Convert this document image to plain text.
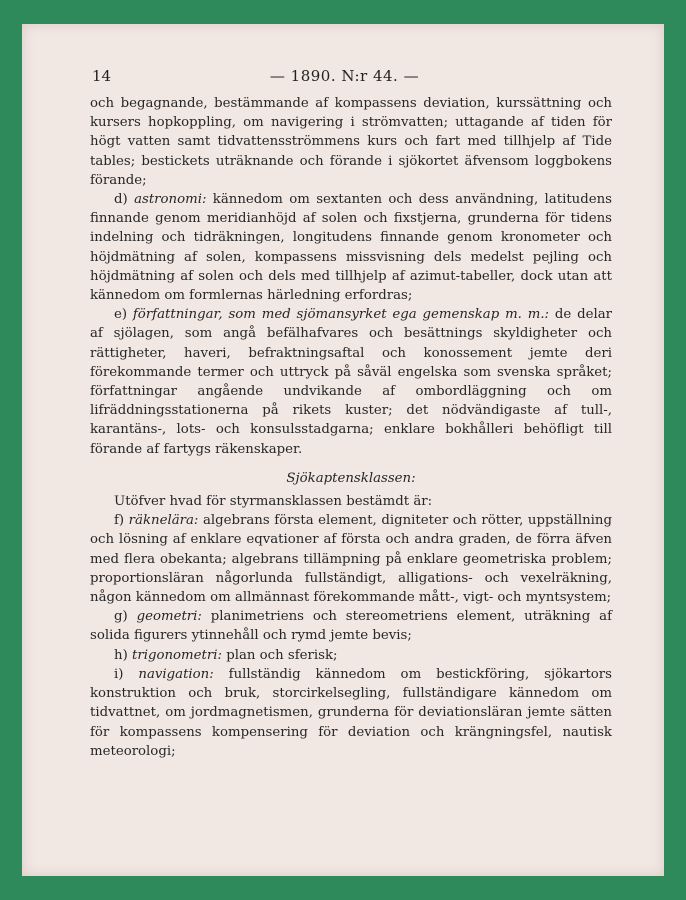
14	— 1890. N:r 44. —

och begagnande, bestämmande af kompassens deviation, kurssättning och kursers hopkoppling, om navigering i strömvatten; uttagande af tiden för högt vatten samt tidvattensströmmens kurs och fart med tillhjelp af Tide tables; bestickets uträknande och förande i sjökortet äfvensom loggbokens förande;

d) astronomi: kännedom om sextanten och dess användning, latitudens finnande genom meridianhöjd af solen och fixstjerna, grunderna för tidens indelning och tidräkningen, longitudens finnande genom kronometer och höjdmätning af solen, kompassens missvisning dels medelst pejling och höjdmätning af solen och dels med tillhjelp af azimut-tabeller, dock utan att kännedom om formlernas härledning erfordras;

e) författningar, som med sjömansyrket ega gemenskap m. m.: de delar af sjölagen, som angå befälhafvares och besättnings skyldigheter och rättigheter, haveri, befraktningsaftal och konossement jemte deri förekommande termer och uttryck på såväl engelska som svenska språket; författningar angående undvikande af ombordläggning och om lifräddningsstationerna på rikets kuster; det nödvändigaste af tull-, karantäns-, lots- och konsulsstadgarna; enklare bokhålleri behöfligt till förande af fartygs räkenskaper.

Sjökaptensklassen:

Utöfver hvad för styrmansklassen bestämdt är:

f) räknelära: algebrans första element, digniteter och rötter, uppställning och lösning af enklare eqvationer af första och andra graden, de förra äfven med flera obekanta; algebrans tillämpning på enklare geometriska problem; proportionsläran någorlunda fullständigt, alligations- och vexelräkning, någon kännedom om allmännast förekommande mått-, vigt- och myntsystem;

g) geometri: planimetriens och stereometriens element, uträkning af solida figurers ytinnehåll och rymd jemte bevis;

h) trigonometri: plan och sferisk;

i) navigation: fullständig kännedom om bestickföring, sjökartors konstruktion och bruk, storcirkelsegling, fullständigare kännedom om tidvattnet, om jordmagnetismen, grunderna för deviationsläran jemte sätten för kompassens kompensering för deviation och krängningsfel, nautisk meteorologi;
